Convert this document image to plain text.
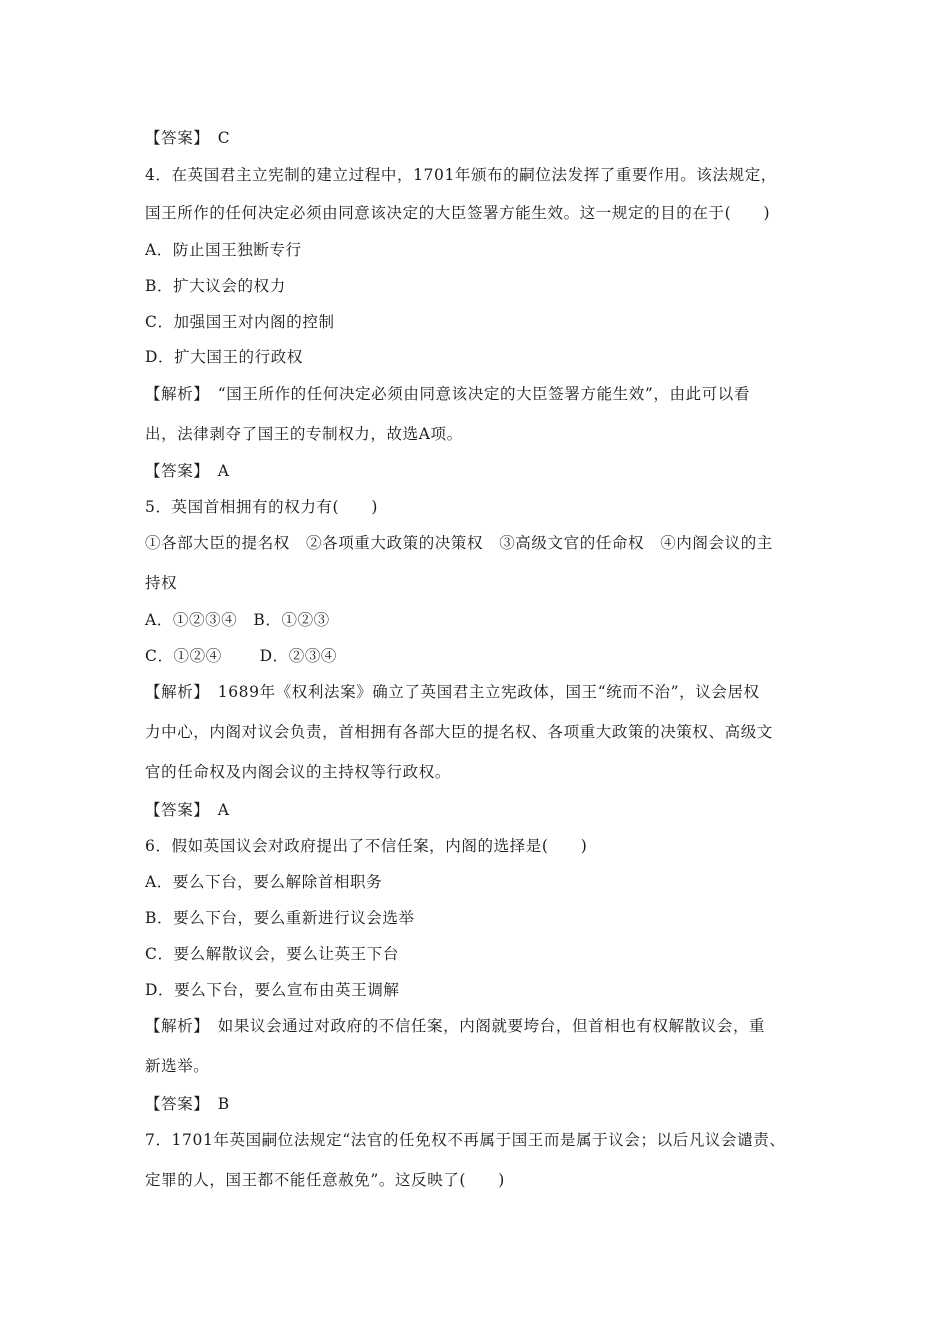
【答案】　C
4．在英国君主立宪制的建立过程中，1701年颁布的嗣位法发挥了重要作用。该法规定，
国王所作的任何决定必须由同意该决定的大臣签署方能生效。这一规定的目的在于(　　)
A．防止国王独断专行
B．扩大议会的权力
C．加强国王对内阁的控制
D．扩大国王的行政权
【解析】　“国王所作的任何决定必须由同意该决定的大臣签署方能生效”，由此可以看
出，法律剥夺了国王的专制权力，故选A项。
【答案】　A
5．英国首相拥有的权力有(　　)
①各部大臣的提名权　②各项重大政策的决策权　③高级文官的任命权　④内阁会议的主
持权
A．①②③④　B．①②③
C．①②④　　 D．②③④
【解析】　1689年《权利法案》确立了英国君主立宪政体，国王“统而不治”，议会居权
力中心，内阁对议会负责，首相拥有各部大臣的提名权、各项重大政策的决策权、高级文
官的任命权及内阁会议的主持权等行政权。
【答案】　A
6．假如英国议会对政府提出了不信任案，内阁的选择是(　　)
A．要么下台，要么解除首相职务
B．要么下台，要么重新进行议会选举
C．要么解散议会，要么让英王下台
D．要么下台，要么宣布由英王调解
【解析】　如果议会通过对政府的不信任案，内阁就要垮台，但首相也有权解散议会，重
新选举。
【答案】　B
7．1701年英国嗣位法规定“法官的任免权不再属于国王而是属于议会；以后凡议会谴责、
定罪的人，国王都不能任意赦免”。这反映了(　　)
